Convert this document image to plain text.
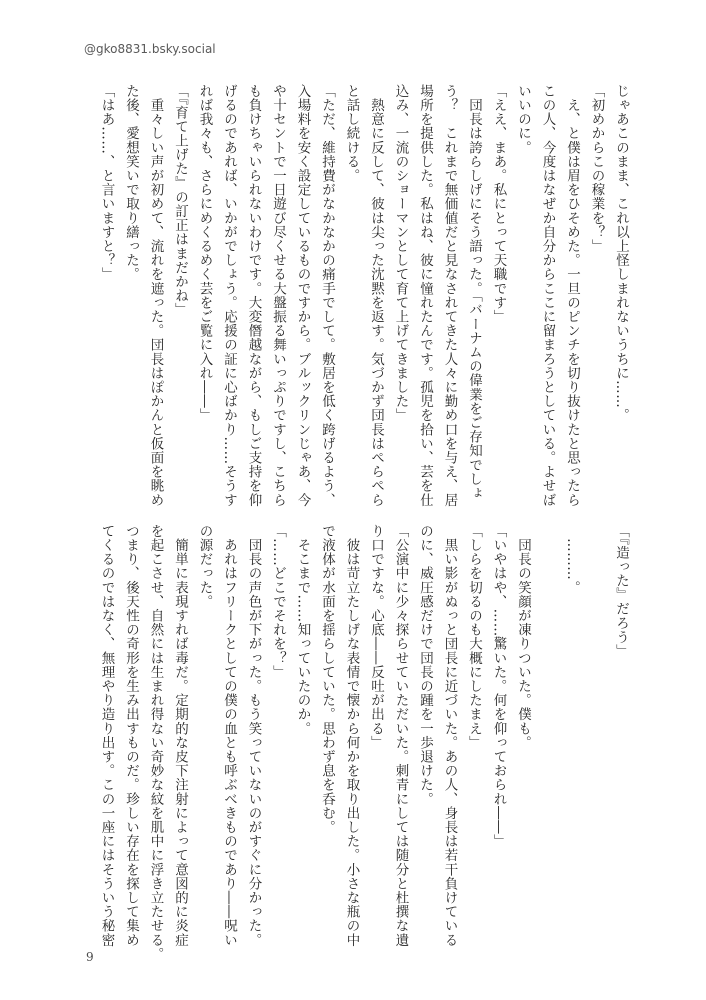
@gko8831.bsky.social

じゃあこのまま、これ以上怪しまれないうちに……。
「初めからこの稼業を？」
　え、と僕は眉をひそめた。一旦のピンチを切り抜けたと思ったら
この人、今度はなぜか自分からここに留まろうとしている。よせば
いいのに。
「ええ、まあ。私にとって天職です」
　団長は誇らしげにそう語った。「バーナムの偉業をご存知でしょ
う？　これまで無価値だと見なされてきた人々に勤め口を与え、居
場所を提供した。私はね、彼に憧れたんです。孤児を拾い、芸を仕
込み、一流のショーマンとして育て上げてきました」
　熱意に反して、彼は尖った沈黙を返す。気づかず団長はぺらぺら
と話し続ける。
「ただ、維持費がなかなかの痛手でして。敷居を低く跨げるよう、
入場料を安く設定しているものですから。ブルックリンじゃあ、今
や十セントで一日遊び尽くせる大盤振る舞いっぷりですし、こちら
も負けちゃいられないわけです。大変僭越ながら、もしご支持を仰
げるのであれば、いかがでしょう。応援の証に心ばかり……そうす
れば我々も、さらにめくるめく芸をご覧に入れ――」
「『育て上げた』の訂正はまだかね」
　重々しい声が初めて、流れを遮った。団長はぽかんと仮面を眺め
た後、愛想笑いで取り繕った。
「はあ……、と言いますと？」
「『造った』だろう」

　………。

　団長の笑顔が凍りついた。僕も。
「いやはや、……驚いた。何を仰っておられ――」
「しらを切るのも大概にしたまえ」
　黒い影がぬっと団長に近づいた。あの人、身長は若干負けている
のに、威圧感だけで団長の踵を一歩退けた。
「公演中に少々探らせていただいた。刺青にしては随分と杜撰な遺
り口ですな。心底――反吐が出る」
　彼は苛立たしげな表情で懐から何かを取り出した。小さな瓶の中
で液体が水面を揺らしていた。思わず息を呑む。
　そこまで……知っていたのか。
「……どこでそれを？」
　団長の声色が下がった。もう笑っていないのがすぐに分かった。
　あれはフリークとしての僕の血とも呼ぶべきものであり――呪い
の源だった。
　簡単に表現すれば毒だ。定期的な皮下注射によって意図的に炎症
を起こさせ、自然には生まれ得ない奇妙な紋を肌中に浮き立たせる。
つまり、後天性の奇形を生み出すものだ。珍しい存在を探して集め
てくるのではなく、無理やり造り出す。この一座にはそういう秘密

9
